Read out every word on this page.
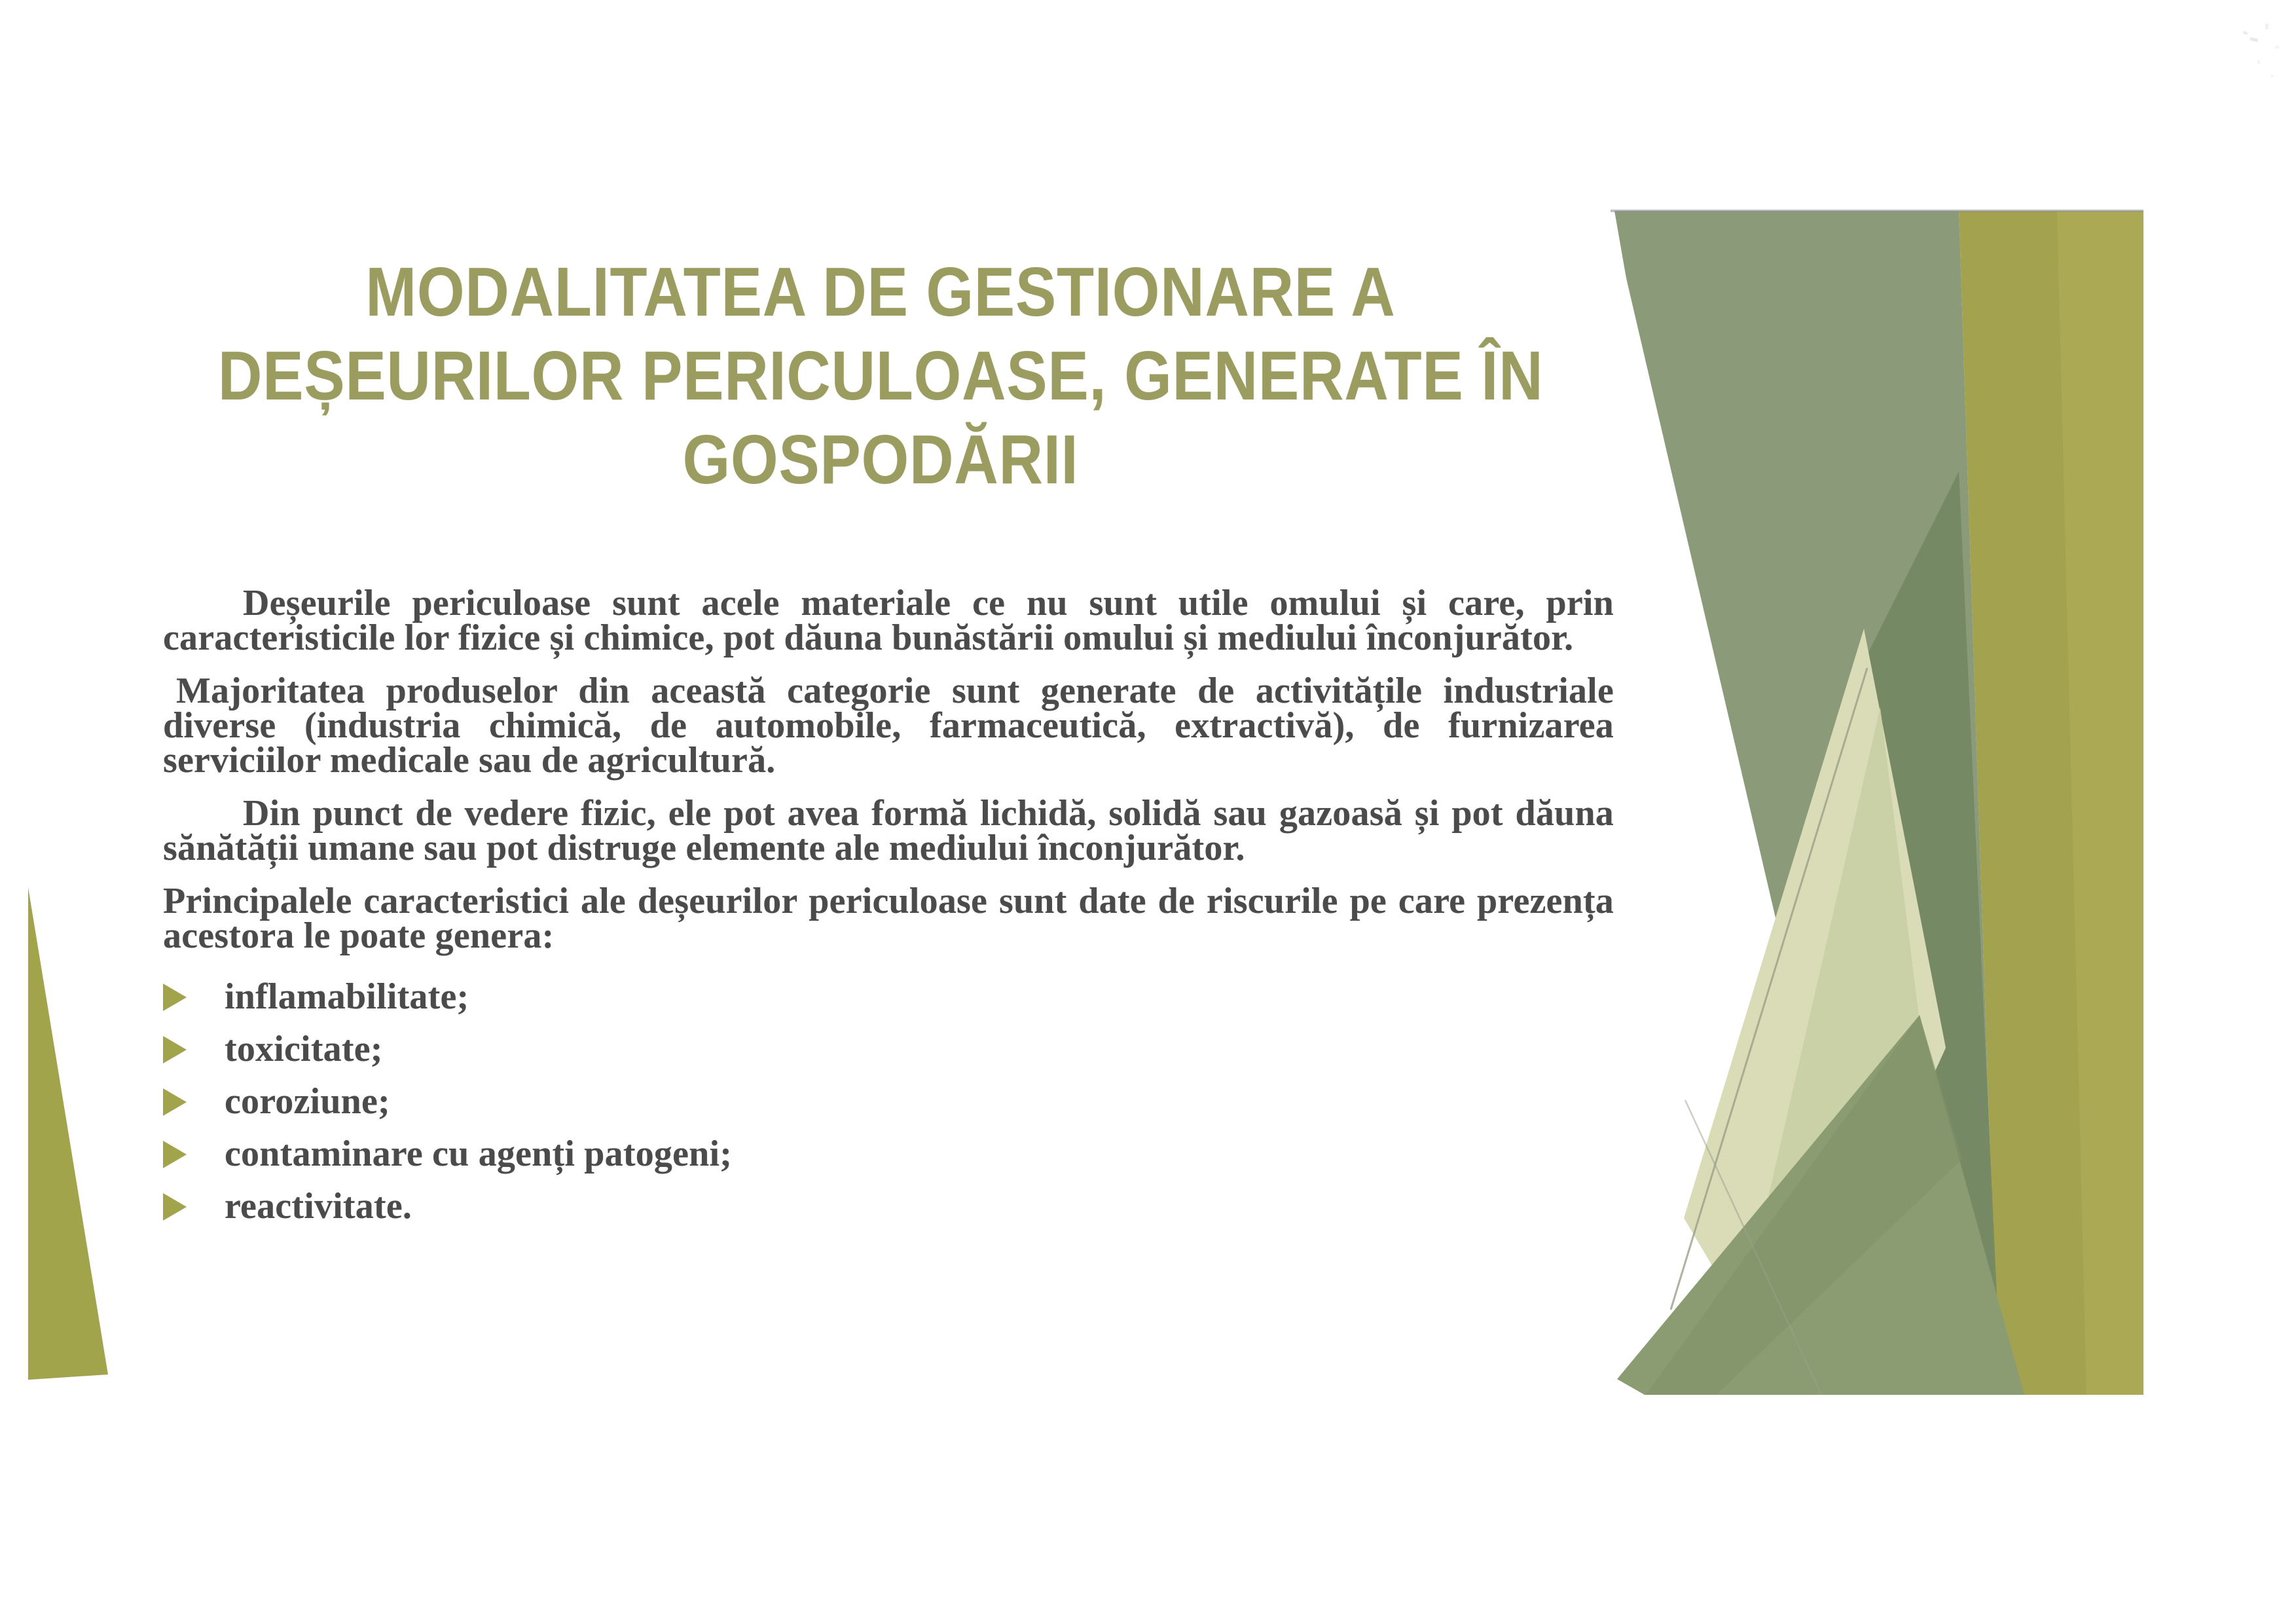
MODALITATEA DE GESTIONARE A
DEȘEURILOR PERICULOASE, GENERATE ÎN
GOSPODĂRII

Deșeurile periculoase sunt acele materiale ce nu sunt utile omului și care, prin caracteristicile lor fizice și chimice, pot dăuna bunăstării omului și mediului înconjurător.

Majoritatea produselor din această categorie sunt generate de activitățile industriale diverse (industria chimică, de automobile, farmaceutică, extractivă), de furnizarea serviciilor medicale sau de agricultură.

Din punct de vedere fizic, ele pot avea formă lichidă, solidă sau gazoasă și pot dăuna sănătății umane sau pot distruge elemente ale mediului înconjurător.

Principalele caracteristici ale deșeurilor periculoase sunt date de riscurile pe care prezența acestora le poate genera:

inflamabilitate;
toxicitate;
coroziune;
contaminare cu agenți patogeni;
reactivitate.
